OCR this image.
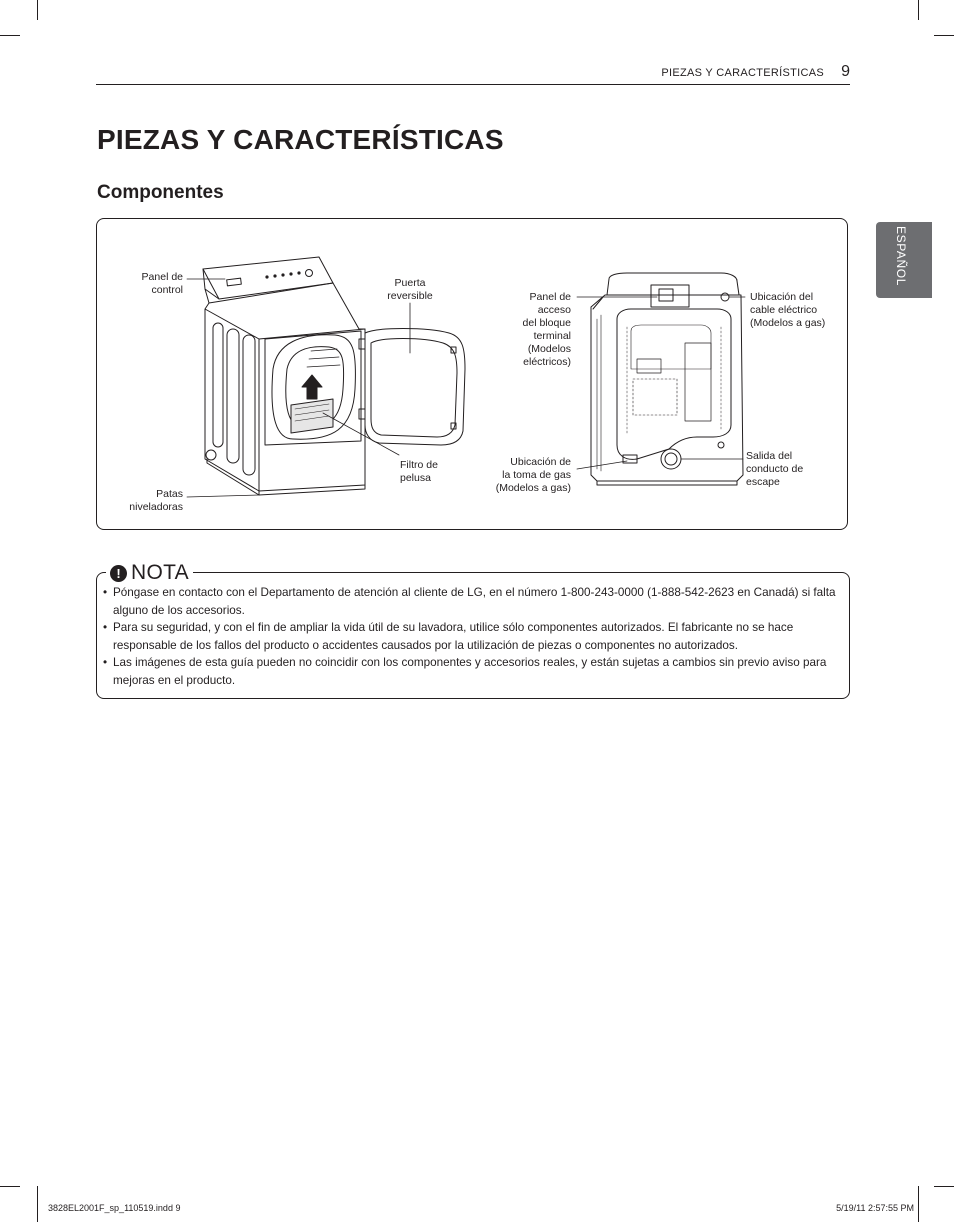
PIEZAS Y CARACTERÍSTICAS 9
PIEZAS Y CARACTERÍSTICAS
Componentes
ESPAÑOL
Panel de
control
Puerta
reversible
Filtro de
pelusa
Patas
niveladoras
Panel de
acceso
del bloque
terminal
(Modelos
eléctricos)
Ubicación de
la toma de gas
(Modelos a gas)
Ubicación del
cable eléctrico
(Modelos a gas)
Salida del
conducto de
escape
! NOTA
• Póngase en contacto con el Departamento de atención al cliente de LG, en el número 1-800-243-0000 (1-888-542-2623 en Canadá) si falta alguno de los accesorios.
• Para su seguridad, y con el fin de ampliar la vida útil de su lavadora, utilice sólo componentes autorizados. El fabricante no se hace responsable de los fallos del producto o accidentes causados por la utilización de piezas o componentes no autorizados.
• Las imágenes de esta guía pueden no coincidir con los componentes y accesorios reales, y están sujetas a cambios sin previo aviso para mejoras en el producto.
3828EL2001F_sp_110519.indd 9	5/19/11 2:57:55 PM
